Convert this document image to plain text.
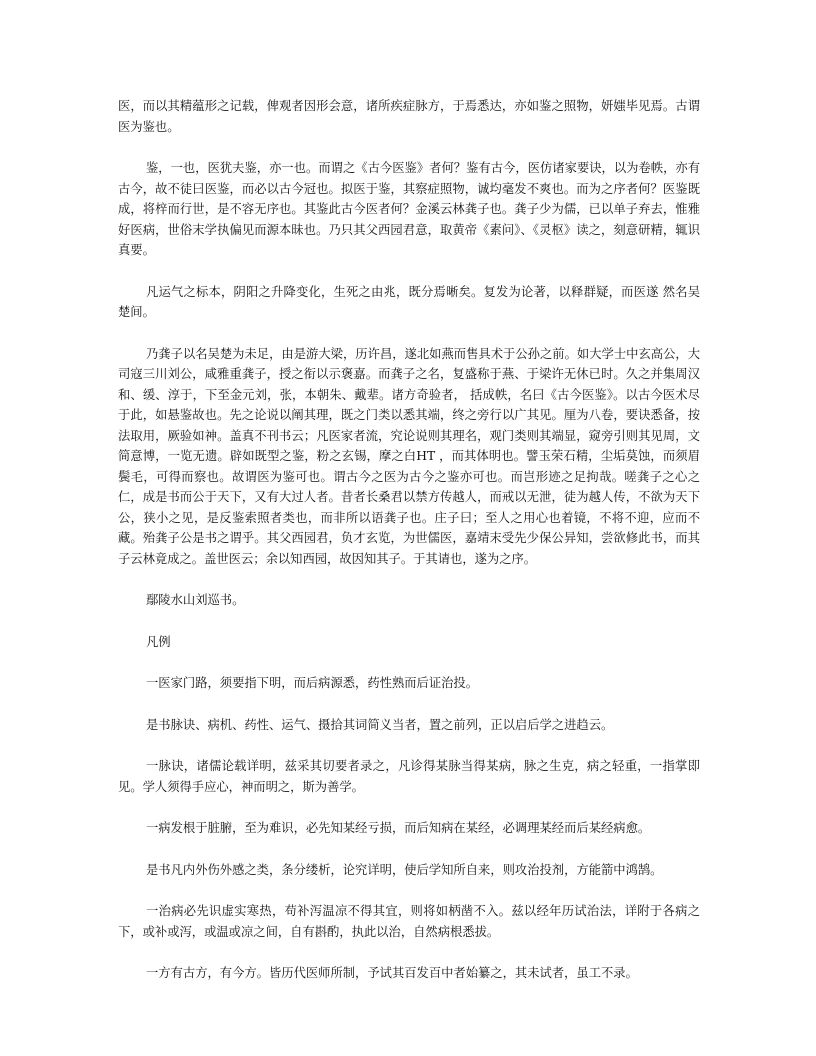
医，而以其精蕴形之记载，俾观者因形会意，诸所疾症脉方，于焉悉达，亦如鉴之照物，妍媸毕见焉。古谓医为鉴也。

鉴，一也，医犹夫鉴，亦一也。而谓之《古今医鉴》者何？鉴有古今，医仿诸家要诀，以为卷帙，亦有古今，故不徒曰医鉴，而必以古今冠也。拟医于鉴，其察症照物，诚均毫发不爽也。而为之序者何？医鉴既成，将梓而行世，是不容无序也。其鉴此古今医者何？金溪云林龚子也。龚子少为儒，已以单子弃去，惟雅好医病，世俗末学执偏见而源本昧也。乃只其父西园君意，取黄帝《素问》、《灵枢》读之，刻意研精，辄识真要。

凡运气之标本，阴阳之升降变化，生死之由兆，既分焉晰矣。复发为论著，以释群疑，而医遂 然名吴楚间。

乃龚子以名吴楚为未足，由是游大梁，历许昌，遂北如燕而售具术于公孙之前。如大学士中玄高公，大司寇三川刘公，咸雅重龚子，授之衔以示褒嘉。而龚子之名，复盛称于燕、于梁许无休已时。久之并集周汉和、缓、淳于，下至金元刘，张，本朝朱、戴辈。诸方奇验者， 括成帙，名曰《古今医鉴》。以古今医术尽于此，如悬鉴故也。先之论说以阐其理，既之门类以悉其端，终之旁行以广其见。厘为八卷，要诀悉备，按法取用，厥验如神。盖真不刊书云；凡医家者流，究论说则其理名，观门类则其端显，窥旁引则其见周，文简意博，一览无遗。辟如既型之鉴，粉之玄锡，摩之白HT ，而其体明也。譬玉荣石精，尘垢莫蚀，而须眉鬓毛，可得而察也。故谓医为鉴可也。谓古今之医为古今之鉴亦可也。而岂形迹之足拘哉。嗟龚子之心之仁，成是书而公于天下，又有大过人者。昔者长桑君以禁方传越人，而戒以无泄，徒为越人传，不欲为天下公，狭小之见，是反鉴索照者类也，而非所以语龚子也。庄子曰；至人之用心也着镜，不将不迎，应而不藏。殆龚子公是书之谓乎。其父西园君，负才玄览，为世儒医，嘉靖末受先少保公异知，尝欲修此书，而其子云林竟成之。盖世医云；余以知西园，故因知其子。于其请也，遂为之序。

鄢陵水山刘巡书。

凡例

一医家门路，须要指下明，而后病源悉，药性熟而后证治投。

是书脉诀、病机、药性、运气、摄拾其词简义当者，置之前列，正以启后学之进趋云。

一脉诀，诸儒论载详明，兹采其切要者录之，凡诊得某脉当得某病，脉之生克，病之轻重，一指掌即见。学人须得手应心，神而明之，斯为善学。

一病发根于脏腑，至为难识，必先知某经亏损，而后知病在某经，必调理某经而后某经病愈。

是书凡内外伤外感之类，条分缕析，论究详明，使后学知所自来，则攻治投剂，方能箭中鸿鹄。

一治病必先识虚实寒热，苟补泻温凉不得其宜，则将如柄凿不入。兹以经年历试治法，详附于各病之下，或补或泻，或温或凉之间，自有斟酌，执此以治，自然病根悉拔。

一方有古方，有今方。皆历代医师所制，予试其百发百中者始纂之，其未试者，虽工不录。
